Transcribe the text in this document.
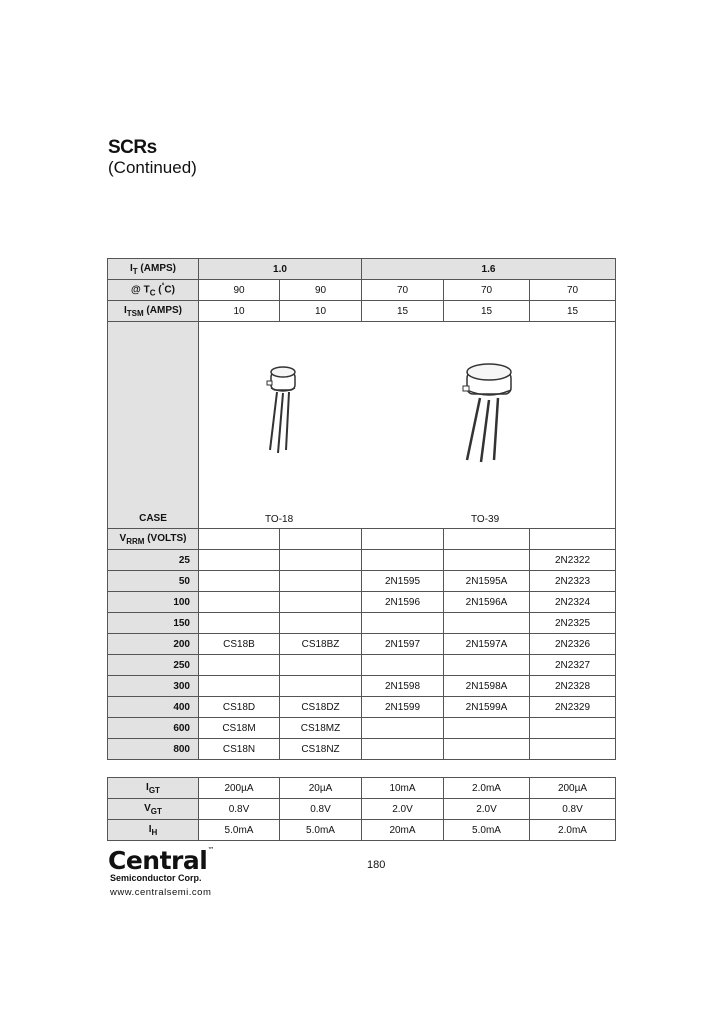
SCRs
(Continued)
$I_T$ (AMPS)	1.0		1.6		
@ $T_C$ (°C)	90	90	70	70	70
$I_{TSM}$ (AMPS)	10	10	15	15	15

CASE	TO-18 TO-39				

$V_{RRM}$ (VOLTS)					
25					2N2322
50			2N1595	2N1595A	2N2323
100			2N1596	2N1596A	2N2324
150					2N2325
200	CS18B	CS18BZ	2N1597	2N1597A	2N2326
250					2N2327
300			2N1598	2N1598A	2N2328
400	CS18D	CS18DZ	2N1599	2N1599A	2N2329
600	CS18M	CS18MZ			
800	CS18N	CS18NZ			
$I_{GT}$	200µA	20µA	10mA	2.0mA	200µA
$V_{GT}$	0.8V	0.8V	2.0V	2.0V	0.8V
$I_H$	5.0mA	5.0mA	20mA	5.0mA	2.0mA
Central™
Semiconductor Corp.
www.centralsemi.com
180
